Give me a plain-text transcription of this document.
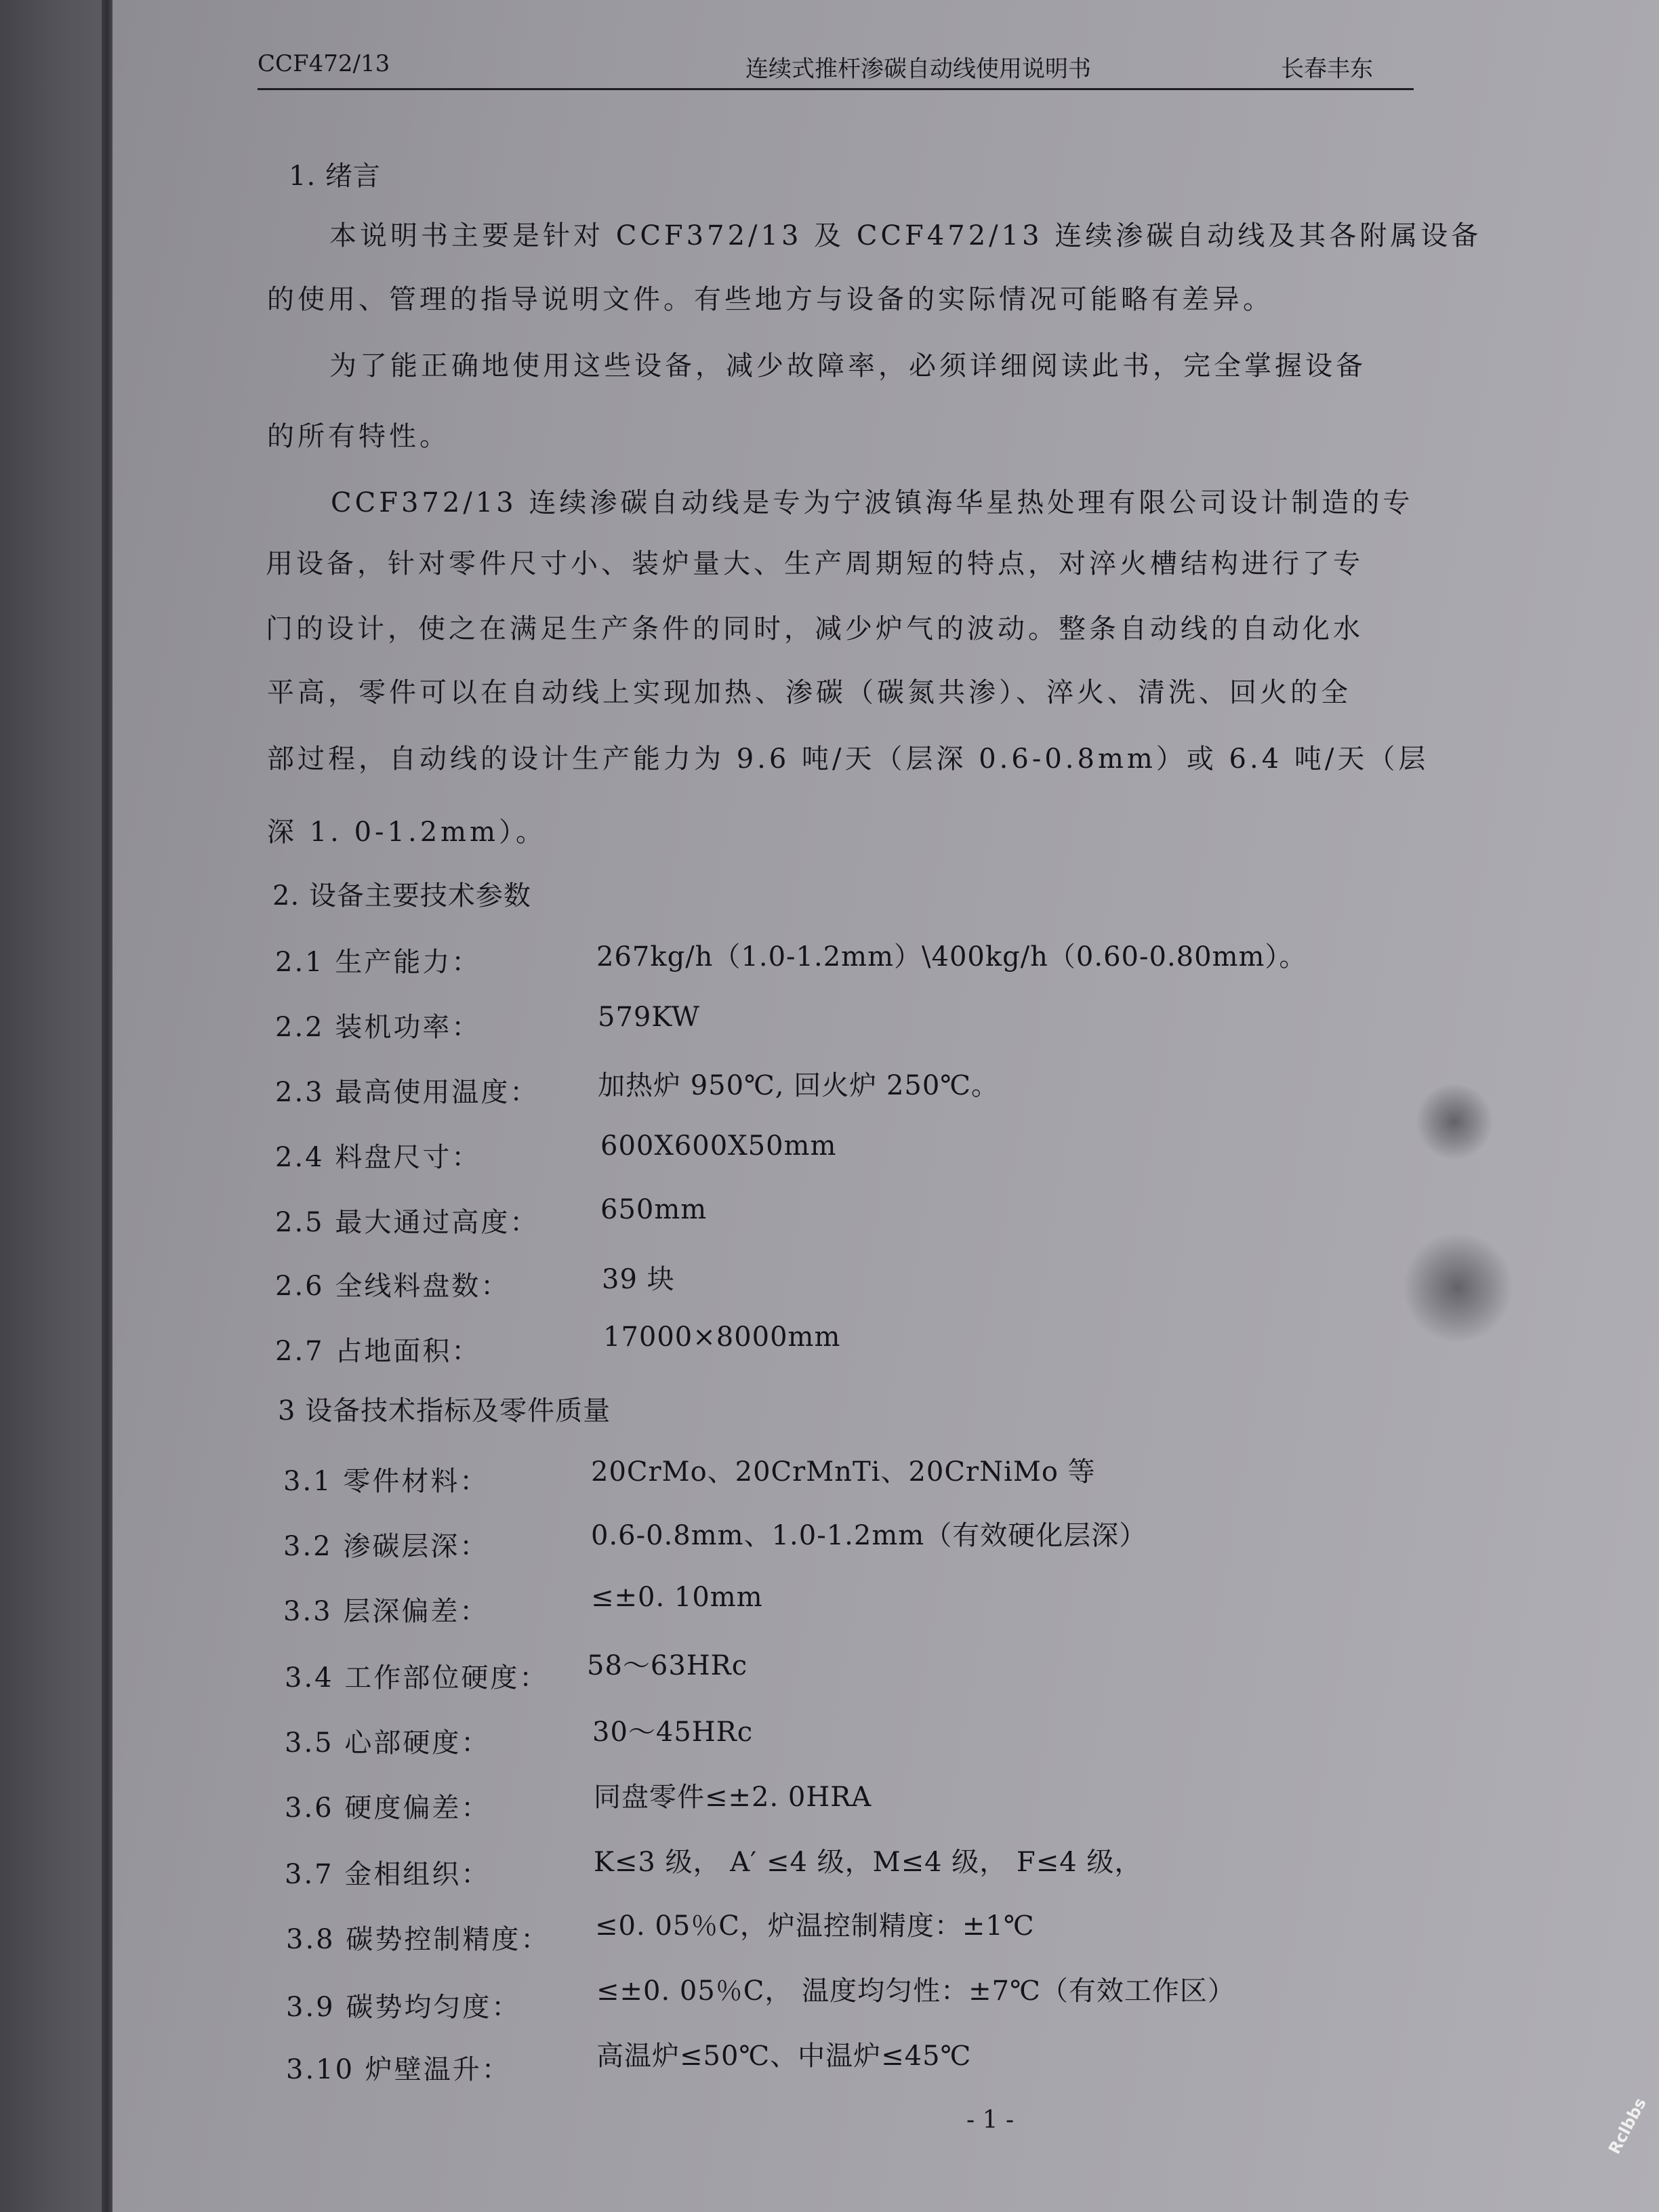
CCF472/13	连续式推杆渗碳自动线使用说明书	长春丰东
1. 绪言
本说明书主要是针对 CCF372/13 及 CCF472/13 连续渗碳自动线及其各附属设备
的使用、管理的指导说明文件。有些地方与设备的实际情况可能略有差异。
为了能正确地使用这些设备，减少故障率，必须详细阅读此书，完全掌握设备
的所有特性。
CCF372/13 连续渗碳自动线是专为宁波镇海华星热处理有限公司设计制造的专
用设备，针对零件尺寸小、装炉量大、生产周期短的特点，对淬火槽结构进行了专
门的设计，使之在满足生产条件的同时，减少炉气的波动。整条自动线的自动化水
平高，零件可以在自动线上实现加热、渗碳（碳氮共渗）、淬火、清洗、回火的全
部过程，自动线的设计生产能力为 9.6 吨/天（层深 0.6-0.8mm）或 6.4 吨/天（层
深 1. 0-1.2mm）。
2. 设备主要技术参数
2.1 生产能力：	267kg/h（1.0-1.2mm）\400kg/h（0.60-0.80mm）。
2.2 装机功率：	579KW
2.3 最高使用温度： 加热炉 950℃, 回火炉 250℃。
2.4 料盘尺寸：	600X600X50mm
2.5 最大通过高度： 650mm
2.6 全线料盘数：	39 块
2.7 占地面积：	17000×8000mm
3 设备技术指标及零件质量
3.1 零件材料：	20CrMo、20CrMnTi、20CrNiMo 等
3.2 渗碳层深：	0.6-0.8mm、1.0-1.2mm（有效硬化层深）
3.3 层深偏差：	≤±0. 10mm
3.4 工作部位硬度： 58～63HRc
3.5 心部硬度：	30～45HRc
3.6 硬度偏差：	同盘零件≤±2. 0HRA
3.7 金相组织：	K≤3 级， A′ ≤4 级，M≤4 级， F≤4 级，
3.8 碳势控制精度： ≤0. 05％C，炉温控制精度：±1℃
3.9 碳势均匀度：
≤±0. 05％C， 温度均匀性：±7℃（有效工作区）
3.10 炉壁温升：	高温炉≤50℃、中温炉≤45℃
- 1 -	Rclbbs
